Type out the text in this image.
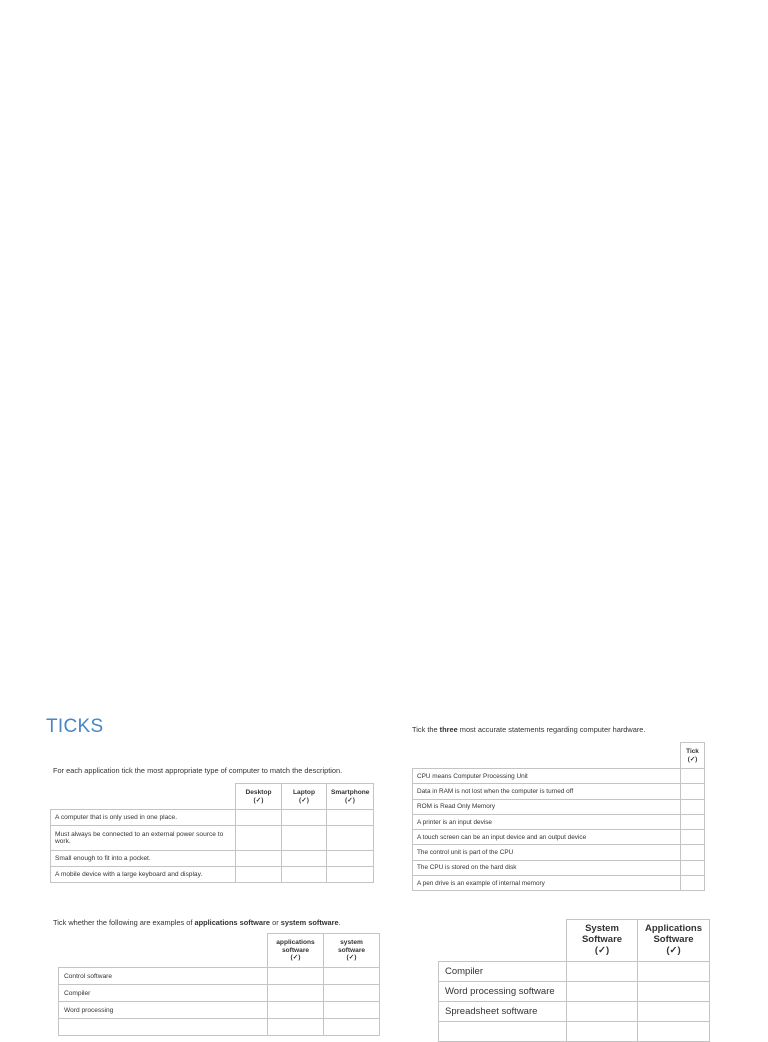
TICKS
For each application tick the most appropriate type of computer to match the description.
	Desktop
(✓)	Laptop
(✓)	Smartphone
(✓)
A computer that is only used in one place.			
Must always be connected to an external power source to work.			
Small enough to fit into a pocket.			
A mobile device with a large keyboard and display.			
Tick the three most accurate statements regarding computer hardware.
	Tick
(✓)
CPU means Computer Processing Unit	
Data in RAM is not lost when the computer is turned off	
ROM is Read Only Memory	
A printer is an input devise	
A touch screen can be an input device and an output device	
The control unit is part of the CPU	
The CPU is stored on the hard disk	
A pen drive is an example of internal memory	
Tick whether the following are examples of applications software or system software.
	applications
software
(✓)	system
software
(✓)
Control software		
Compiler		
Word processing		

	System
Software
(✓)	Applications
Software
(✓)
Compiler		
Word processing software		
Spreadsheet software		
